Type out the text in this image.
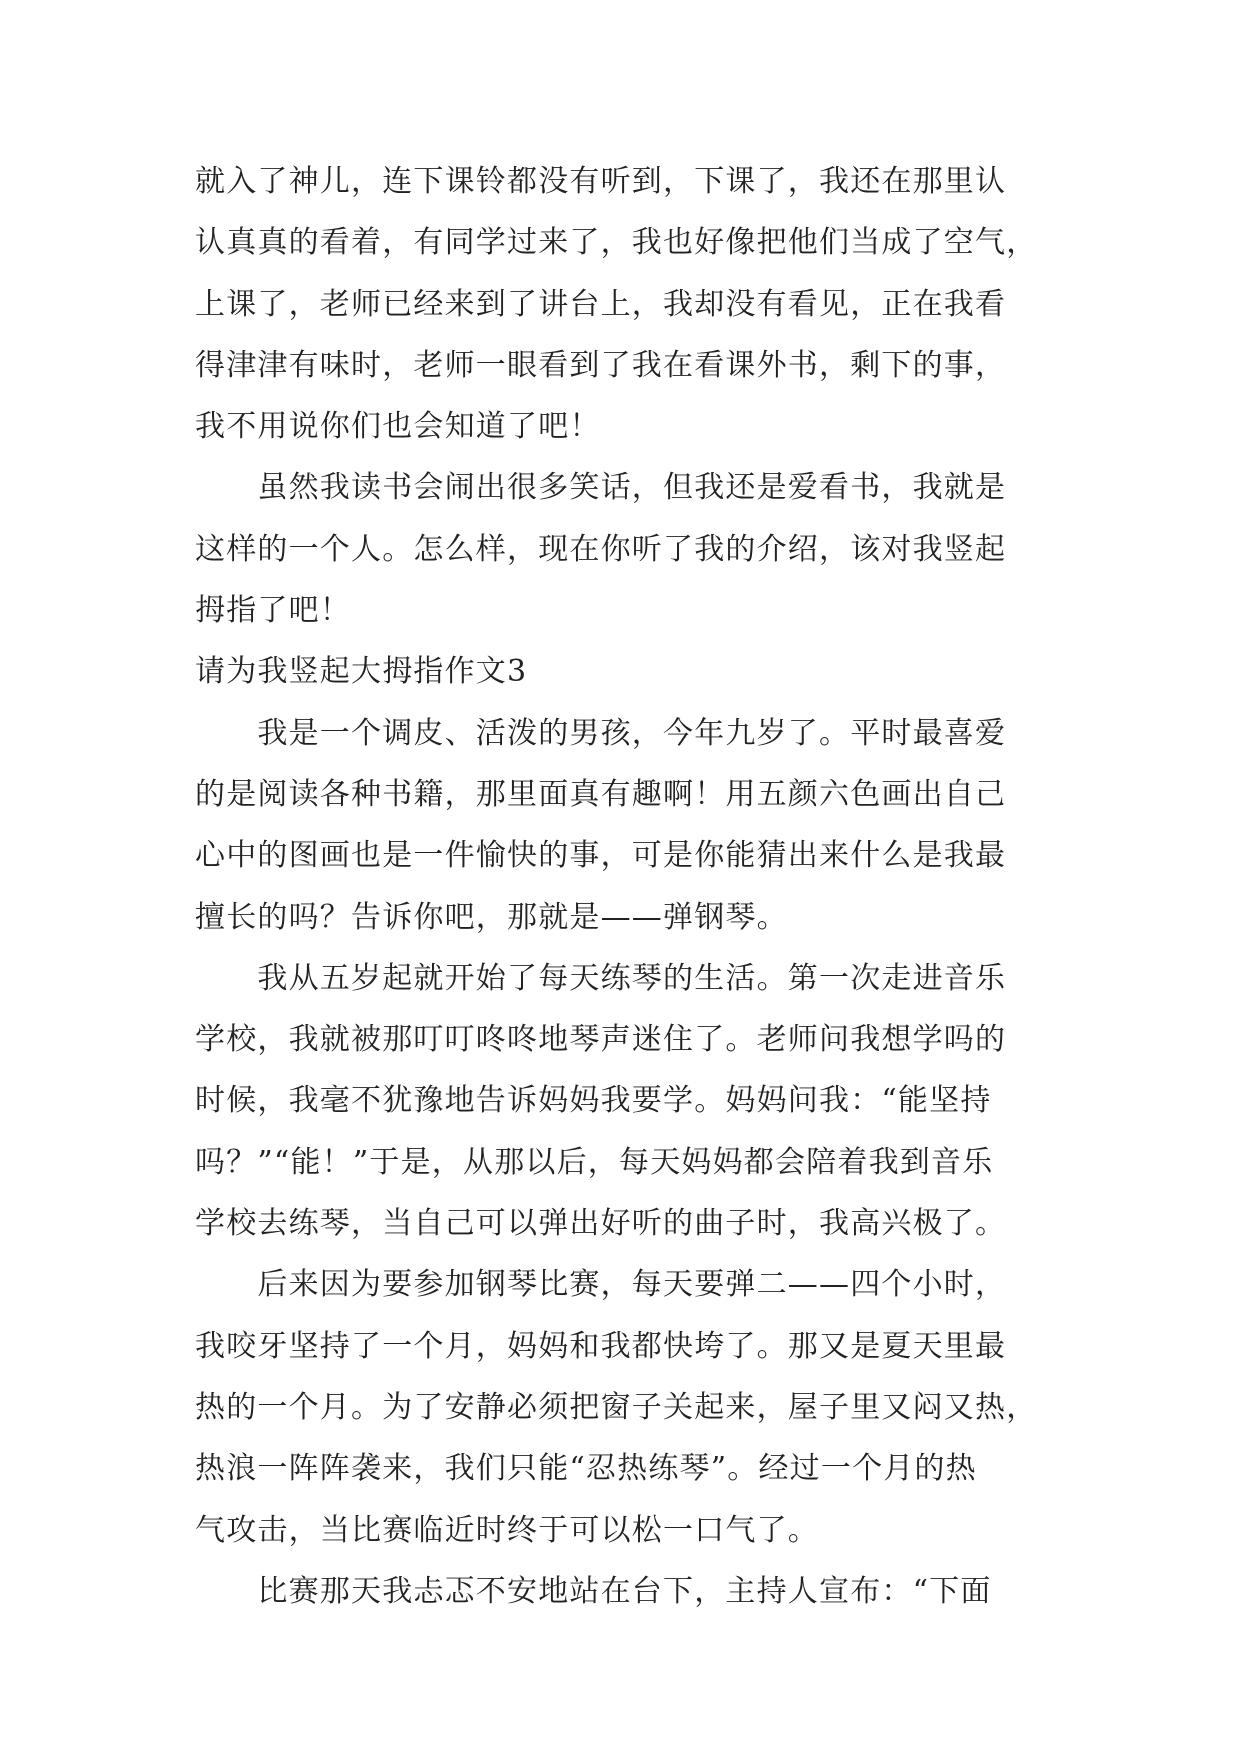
就入了神儿，连下课铃都没有听到，下课了，我还在那里认
认真真的看着，有同学过来了，我也好像把他们当成了空气，
上课了，老师已经来到了讲台上，我却没有看见，正在我看
得津津有味时，老师一眼看到了我在看课外书，剩下的事，
我不用说你们也会知道了吧！
　　虽然我读书会闹出很多笑话，但我还是爱看书，我就是
这样的一个人。怎么样，现在你听了我的介绍，该对我竖起
拇指了吧！
请为我竖起大拇指作文3
　　我是一个调皮、活泼的男孩，今年九岁了。平时最喜爱
的是阅读各种书籍，那里面真有趣啊！用五颜六色画出自己
心中的图画也是一件愉快的事，可是你能猜出来什么是我最
擅长的吗？告诉你吧，那就是——弹钢琴。
　　我从五岁起就开始了每天练琴的生活。第一次走进音乐
学校，我就被那叮叮咚咚地琴声迷住了。老师问我想学吗的
时候，我毫不犹豫地告诉妈妈我要学。妈妈问我：“能坚持
吗？”“能！”于是，从那以后，每天妈妈都会陪着我到音乐
学校去练琴，当自己可以弹出好听的曲子时，我高兴极了。
　　后来因为要参加钢琴比赛，每天要弹二——四个小时，
我咬牙坚持了一个月，妈妈和我都快垮了。那又是夏天里最
热的一个月。为了安静必须把窗子关起来，屋子里又闷又热，
热浪一阵阵袭来，我们只能“忍热练琴”。经过一个月的热
气攻击，当比赛临近时终于可以松一口气了。
　　比赛那天我忐忑不安地站在台下，主持人宣布：“下面
